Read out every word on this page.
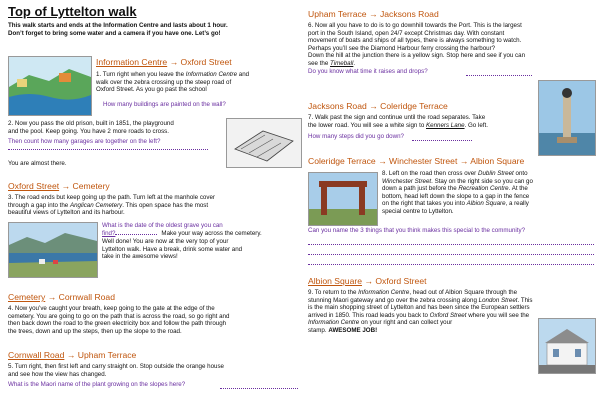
Top of Lyttelton walk
This walk starts and ends at the Information Centre and lasts about 1 hour.
Don’t forget to bring some water and a camera if you have one. Let’s go!
Information Centre → Oxford Street
1. Turn right when you leave the Information Centre and
walk over the zebra crossing up the steep road of
Oxford Street. As you go past the school
How many buildings are painted on the wall?
2. Now you pass the old prison, built in 1851, the playground
and the pool. Keep going. You have 2 more roads to cross.
Then count how many garages are together on the left?
You are almost there.
Oxford Street → Cemetery
3. The road ends but keep going up the path. Turn left at the manhole cover
through a gap into the Anglican Cemetery. This open space has the most
beautiful views of Lyttelton and its harbour.
What is the date of the oldest grave you can
find?	Make your way across the cemetery.
Well done! You are now at the very top of your
Lyttelton walk. Have a break, drink some water and
take in the awesome views!
Cemetery → Cornwall Road
4. Now you’ve caught your breath, keep going to the gate at the edge of the
cemetery. You are going to go on the path that is across the road, so go right and
then back down the road to the green electricity box and follow the path through
the trees, down and up the steps, then up the slope to the road.
Cornwall Road → Upham Terrace
5. Turn right, then first left and carry straight on. Stop outside the orange house
and see how the view has changed.
What is the Maori name of the plant growing on the slopes here?
Upham Terrace → Jacksons Road
6. Now all you have to do is to go downhill towards the Port. This is the largest
port in the South Island, open 24/7 except Christmas day. With constant
movement of boats and ships of all types, there is always something to watch.
Perhaps you’ll see the Diamond Harbour ferry crossing the harbour?
Down the hill at the junction there is a yellow sign. Stop here and see if you can
see the Timeball.
Do you know what time it raises and drops?
Jacksons Road → Coleridge Terrace
7. Walk past the sign and continue until the road separates. Take
the lower road. You will see a white sign to Kenners Lane. Go left.
How many steps did you go down?
Coleridge Terrace → Winchester Street → Albion Square
8. Left on the road then cross over Dublin Street onto
Winchester Street. Stay on the right side so you can go
down a path just before the Recreation Centre. At the
bottom, head left down the slope to a gap in the fence
on the right that takes you into Albion Square, a really
special centre to Lyttelton.
Can you name the 3 things that you think makes this special to the community?
Albion Square → Oxford Street
9. To return to the Information Centre, head out of Albion Square through the
stunning Maori gateway and go over the zebra crossing along London Street. This
is the main shopping street of Lyttelton and has been since the European settlers
arrived in 1850. This road leads you back to Oxford Street where you will see the
Information Centre on your right and can collect your
stamp. AWESOME JOB!
